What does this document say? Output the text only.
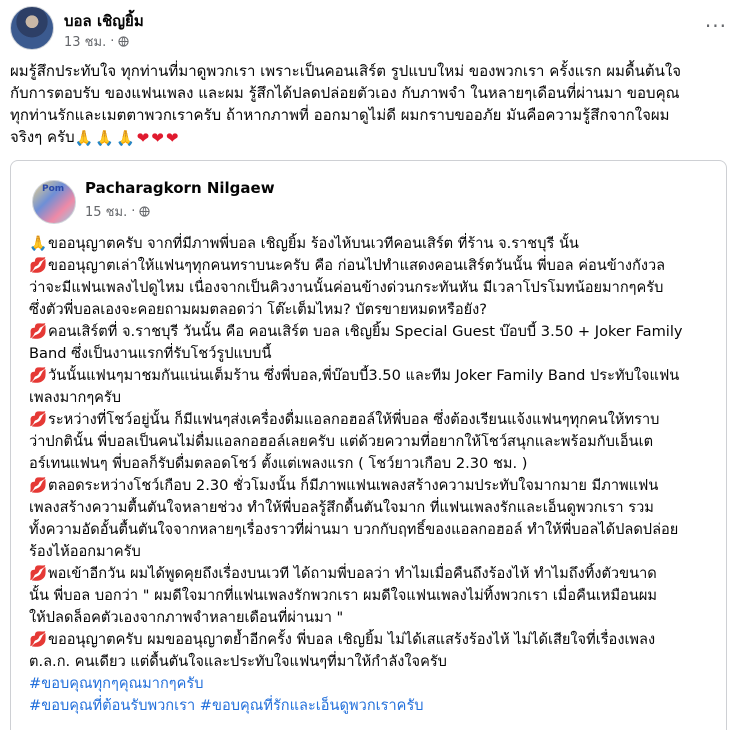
บอล เชิญยิ้ม
13 ชม. ·
···
ผมรู้สึกประทับใจ ทุกท่านที่มาดูพวกเรา เพราะเป็นคอนเสิร์ต รูปแบบใหม่ ของพวกเรา ครั้งแรก ผมดื้นต้นใจ
กับการตอบรับ ของแฟนเพลง และผม รู้สึกได้ปลดปล่อยตัวเอง กับภาพจำ ในหลายๆเดือนที่ผ่านมา ขอบคุณ
ทุกท่านรักและเมตตาพวกเราครับ ถ้าหากภาพที่ ออกมาดูไม่ดี ผมกราบขออภัย มันคือความรู้สึกจากใจผม
จริงๆ ครับ 🙏 🙏 🙏 ❤ ❤ ❤
Pom Pacharagkorn Nilgaew
15 ชม. ·
🙏ขออนุญาตครับ จากที่มีภาพพี่บอล เชิญยิ้ม ร้องไห้บนเวทีคอนเสิร์ต ที่ร้าน จ.ราชบุรี นั้น
💋ขออนุญาตเล่าให้แฟนๆทุกคนทราบนะครับ คือ ก่อนไปทำแสดงคอนเสิร์ตวันนั้น พี่บอล ค่อนข้างกังวล
ว่าจะมีแฟนเพลงไปดูไหม เนื่องจากเป็นคิวงานนั้นค่อนข้างด่วนกระทันหัน มีเวลาโปรโมทน้อยมากๆครับ
ซึ่งตัวพี่บอลเองจะคอยถามผมตลอดว่า โต๊ะเต็มไหม? บัตรขายหมดหรือยัง?
💋คอนเสิร์ตที่ จ.ราชบุรี วันนั้น คือ คอนเสิร์ต บอล เชิญยิ้ม Special Guest บ๊อบบี้ 3.50 + Joker Family
Band ซึ่งเป็นงานแรกที่รับโชว์รูปแบบนี้
💋วันนั้นแฟนๆมาชมกันแน่นเต็มร้าน ซึ่งพี่บอล,พี่บ๊อบบี้3.50 และทีม Joker Family Band ประทับใจแฟน
เพลงมากๆครับ
💋ระหว่างที่โชว์อยู่นั้น ก็มีแฟนๆส่งเครื่องดื่มแอลกอฮอล์ให้พี่บอล ซึ่งต้องเรียนแจ้งแฟนๆทุกคนให้ทราบ
ว่าปกตินั้น พี่บอลเป็นคนไม่ดื่มแอลกอฮอล์เลยครับ แต่ด้วยความที่อยากให้โชว์สนุกและพร้อมกับเอ็นเต
อร์เทนแฟนๆ พี่บอลก็รับดื่มตลอดโชว์ ตั้งแต่เพลงแรก ( โชว์ยาวเกือบ 2.30 ชม. )
💋ตลอดระหว่างโชว์เกือบ 2.30 ชั่วโมงนั้น ก็มีภาพแฟนเพลงสร้างความประทับใจมากมาย มีภาพแฟน
เพลงสร้างความตื้นตันใจหลายช่วง ทำให้พี่บอลรู้สึกดื้นตันใจมาก ที่แฟนเพลงรักและเอ็นดูพวกเรา รวม
ทั้งความอัดอั้นตื้นตันใจจากหลายๆเรื่องราวที่ผ่านมา บวกกับฤทธิ์ของแอลกอฮอล์ ทำให้พี่บอลได้ปลดปล่อย
ร้องไห้ออกมาครับ
💋พอเข้าอีกวัน ผมได้พูดคุยถึงเรื่องบนเวที ได้ถามพี่บอลว่า ทำไมเมื่อคืนถึงร้องไห้ ทำไมถึงทิ้งตัวขนาด
นั้น พี่บอล บอกว่า " ผมดีใจมากที่แฟนเพลงรักพวกเรา ผมดีใจแฟนเพลงไม่ทิ้งพวกเรา เมื่อคืนเหมือนผม
ให้ปลดล็อคตัวเองจากภาพจำหลายเดือนที่ผ่านมา "
💋ขออนุญาตครับ ผมขออนุญาตย้ำอีกครั้ง พี่บอล เชิญยิ้ม ไม่ได้เสแสร้งร้องไห้ ไม่ได้เสียใจที่เรื่องเพลง
ต.ล.ก. คนเดียว แต่ดื้นตันใจและประทับใจแฟนๆที่มาให้กำลังใจครับ
#ขอบคุณทุกๆคุณมากๆครับ
#ขอบคุณที่ต้อนรับพวกเรา #ขอบคุณที่รักและเอ็นดูพวกเราครับ
